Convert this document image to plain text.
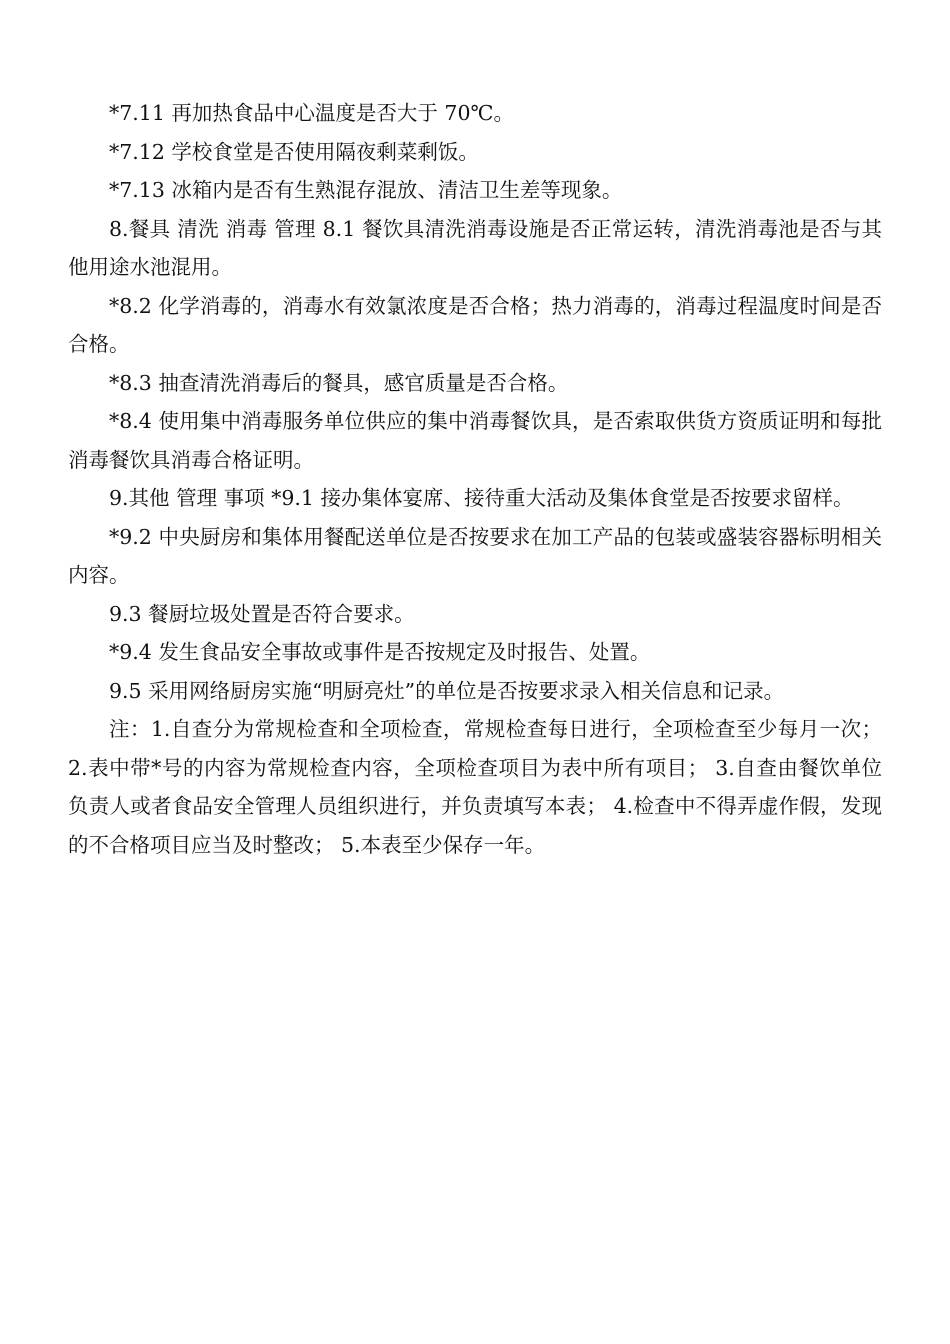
*7.11 再加热食品中心温度是否大于 70℃。

*7.12 学校食堂是否使用隔夜剩菜剩饭。

*7.13 冰箱内是否有生熟混存混放、清洁卫生差等现象。

8.餐具 清洗 消毒 管理 8.1 餐饮具清洗消毒设施是否正常运转，清洗消毒池是否与其他用途水池混用。

*8.2 化学消毒的，消毒水有效氯浓度是否合格；热力消毒的，消毒过程温度时间是否合格。

*8.3 抽查清洗消毒后的餐具，感官质量是否合格。

*8.4 使用集中消毒服务单位供应的集中消毒餐饮具，是否索取供货方资质证明和每批消毒餐饮具消毒合格证明。

9.其他 管理 事项 *9.1 接办集体宴席、接待重大活动及集体食堂是否按要求留样。

*9.2 中央厨房和集体用餐配送单位是否按要求在加工产品的包装或盛装容器标明相关内容。

9.3 餐厨垃圾处置是否符合要求。

*9.4 发生食品安全事故或事件是否按规定及时报告、处置。

9.5 采用网络厨房实施“明厨亮灶”的单位是否按要求录入相关信息和记录。

注：1.自查分为常规检查和全项检查，常规检查每日进行，全项检查至少每月一次； 2.表中带*号的内容为常规检查内容，全项检查项目为表中所有项目； 3.自查由餐饮单位负责人或者食品安全管理人员组织进行，并负责填写本表； 4.检查中不得弄虚作假，发现的不合格项目应当及时整改； 5.本表至少保存一年。
